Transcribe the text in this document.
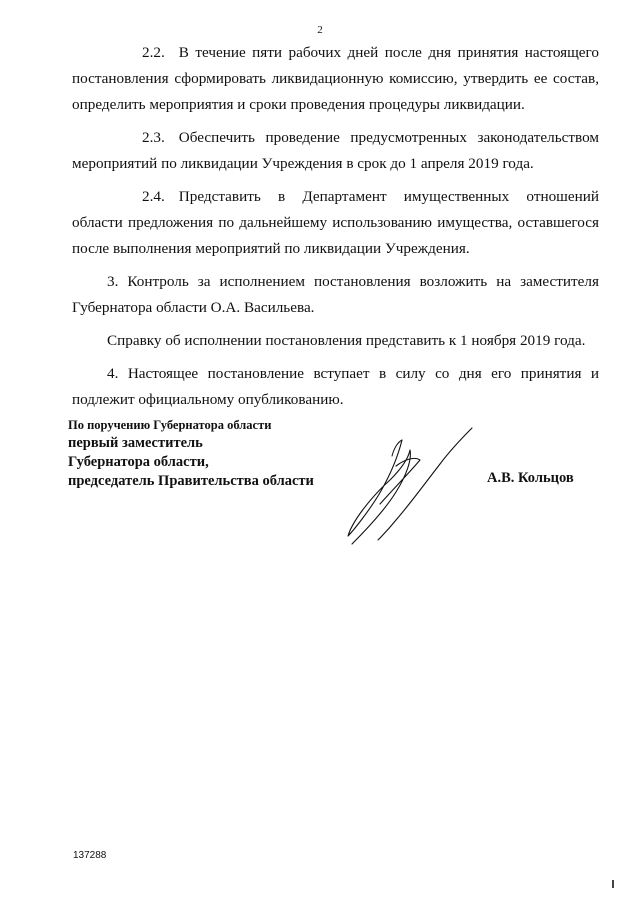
2

2.2. В течение пяти рабочих дней после дня принятия настоящего постановления сформировать ликвидационную комиссию, утвердить ее состав, определить мероприятия и сроки проведения процедуры ликвидации.

2.3. Обеспечить проведение предусмотренных законодательством мероприятий по ликвидации Учреждения в срок до 1 апреля 2019 года.

2.4. Представить в Департамент имущественных отношений области предложения по дальнейшему использованию имущества, оставшегося после выполнения мероприятий по ликвидации Учреждения.

3. Контроль за исполнением постановления возложить на заместителя Губернатора области О.А. Васильева.

Справку об исполнении постановления представить к 1 ноября 2019 года.

4. Настоящее постановление вступает в силу со дня его принятия и подлежит официальному опубликованию.

По поручению Губернатора области
первый заместитель
Губернатора области,
председатель Правительства области	А.В. Кольцов
137288
